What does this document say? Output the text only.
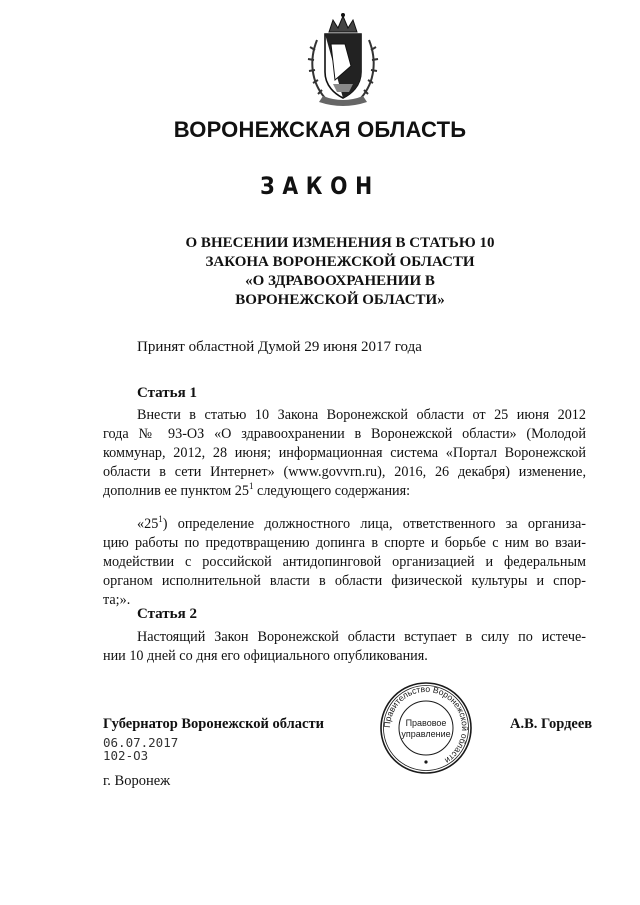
ВОРОНЕЖСКАЯ ОБЛАСТЬ
ЗАКОН
О ВНЕСЕНИИ ИЗМЕНЕНИЯ В СТАТЬЮ 10
ЗАКОНА ВОРОНЕЖСКОЙ ОБЛАСТИ
«О ЗДРАВООХРАНЕНИИ В
ВОРОНЕЖСКОЙ ОБЛАСТИ»
Принят областной Думой 29 июня 2017 года
Статья 1
Внести в статью 10 Закона Воронежской области от 25 июня 2012
года № 93-ОЗ «О здравоохранении в Воронежской области» (Молодой
коммунар, 2012, 28 июня; информационная система «Портал Воронежской
области в сети Интернет» (www.govvrn.ru), 2016, 26 декабря) изменение,
дополнив ее пунктом $25^1$ следующего содержания:
«$25^1$) определение должностного лица, ответственного за организа-
цию работы по предотвращению допинга в спорте и борьбе с ним во взаи-
модействии с российской антидопинговой организацией и федеральным
органом исполнительной власти в области физической культуры и спор-
та;».
Статья 2
Настоящий Закон Воронежской области вступает в силу по истече-
нии 10 дней со дня его официального опубликования.
Губернатор Воронежской области	Правительство Воронежской области
Правовое
управление
А.В. Гордеев
06.07.2017
102-ОЗ
г. Воронеж
